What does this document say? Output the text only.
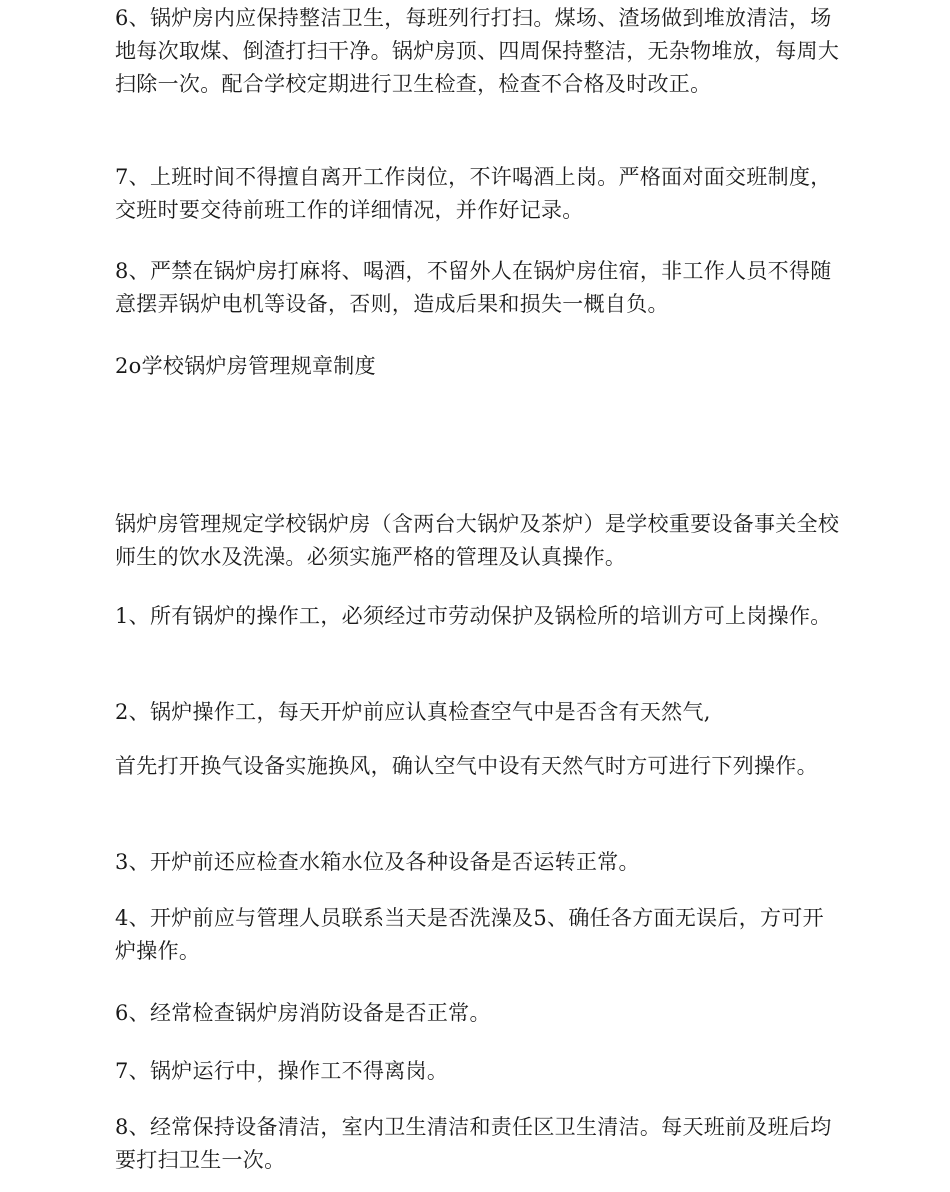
6、锅炉房内应保持整洁卫生，每班列行打扫。煤场、渣场做到堆放清洁，场地每次取煤、倒渣打扫干净。锅炉房顶、四周保持整洁，无杂物堆放，每周大扫除一次。配合学校定期进行卫生检查，检查不合格及时改正。

7、上班时间不得擅自离开工作岗位，不许喝酒上岗。严格面对面交班制度，交班时要交待前班工作的详细情况，并作好记录。

8、严禁在锅炉房打麻将、喝酒，不留外人在锅炉房住宿，非工作人员不得随意摆弄锅炉电机等设备，否则，造成后果和损失一概自负。

2o学校锅炉房管理规章制度

锅炉房管理规定学校锅炉房（含两台大锅炉及茶炉）是学校重要设备事关全校师生的饮水及洗澡。必须实施严格的管理及认真操作。

1、所有锅炉的操作工，必须经过市劳动保护及锅检所的培训方可上岗操作。

2、锅炉操作工，每天开炉前应认真检查空气中是否含有天然气,

首先打开换气设备实施换风，确认空气中设有天然气时方可进行下列操作。

3、开炉前还应检查水箱水位及各种设备是否运转正常。

4、开炉前应与管理人员联系当天是否洗澡及5、确任各方面无误后，方可开炉操作。

6、经常检查锅炉房消防设备是否正常。

7、锅炉运行中，操作工不得离岗。

8、经常保持设备清洁，室内卫生清洁和责任区卫生清洁。每天班前及班后均要打扫卫生一次。
